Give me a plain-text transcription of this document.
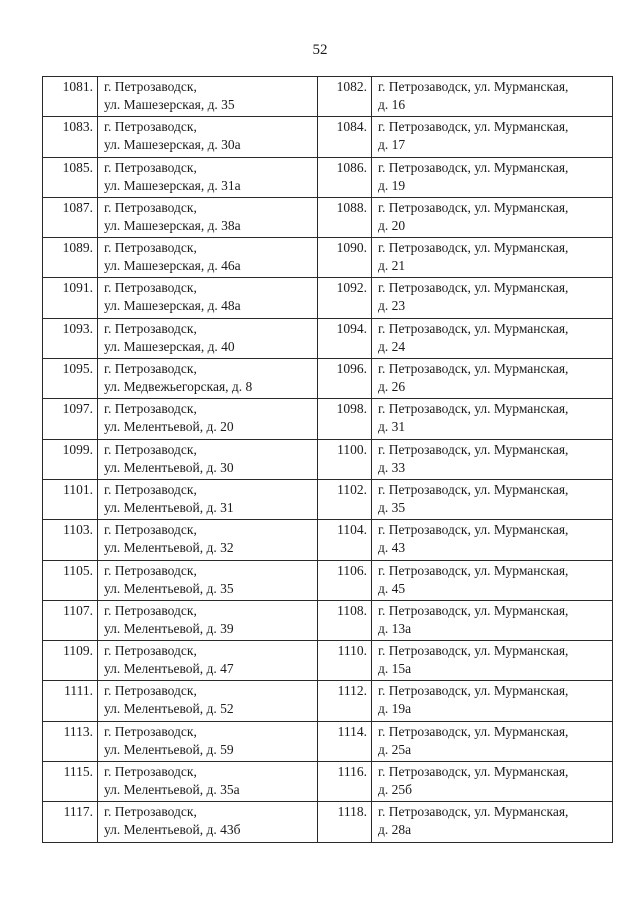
52
1081.	г. Петрозаводск,
ул. Машезерская, д. 35	1082.	г. Петрозаводск, ул. Мурманская,
д. 16

1083.	г. Петрозаводск,
ул. Машезерская, д. 30а	1084.	г. Петрозаводск, ул. Мурманская,
д. 17

1085.	г. Петрозаводск,
ул. Машезерская, д. 31а	1086.	г. Петрозаводск, ул. Мурманская,
д. 19

1087.	г. Петрозаводск,
ул. Машезерская, д. 38а	1088.	г. Петрозаводск, ул. Мурманская,
д. 20

1089.	г. Петрозаводск,
ул. Машезерская, д. 46а	1090.	г. Петрозаводск, ул. Мурманская,
д. 21

1091.	г. Петрозаводск,
ул. Машезерская, д. 48а	1092.	г. Петрозаводск, ул. Мурманская,
д. 23

1093.	г. Петрозаводск,
ул. Машезерская, д. 40	1094.	г. Петрозаводск, ул. Мурманская,
д. 24

1095.	г. Петрозаводск,
ул. Медвежьегорская, д. 8	1096.	г. Петрозаводск, ул. Мурманская,
д. 26

1097.	г. Петрозаводск,
ул. Мелентьевой, д. 20	1098.	г. Петрозаводск, ул. Мурманская,
д. 31

1099.	г. Петрозаводск,
ул. Мелентьевой, д. 30	1100.	г. Петрозаводск, ул. Мурманская,
д. 33

1101.	г. Петрозаводск,
ул. Мелентьевой, д. 31	1102.	г. Петрозаводск, ул. Мурманская,
д. 35

1103.	г. Петрозаводск,
ул. Мелентьевой, д. 32	1104.	г. Петрозаводск, ул. Мурманская,
д. 43

1105.	г. Петрозаводск,
ул. Мелентьевой, д. 35	1106.	г. Петрозаводск, ул. Мурманская,
д. 45

1107.	г. Петрозаводск,
ул. Мелентьевой, д. 39	1108.	г. Петрозаводск, ул. Мурманская,
д. 13а

1109.	г. Петрозаводск,
ул. Мелентьевой, д. 47	1110.	г. Петрозаводск, ул. Мурманская,
д. 15а

1111.	г. Петрозаводск,
ул. Мелентьевой, д. 52	1112.	г. Петрозаводск, ул. Мурманская,
д. 19а

1113.	г. Петрозаводск,
ул. Мелентьевой, д. 59	1114.	г. Петрозаводск, ул. Мурманская,
д. 25а

1115.	г. Петрозаводск,
ул. Мелентьевой, д. 35а	1116.	г. Петрозаводск, ул. Мурманская,
д. 25б

1117.	г. Петрозаводск,
ул. Мелентьевой, д. 43б	1118.	г. Петрозаводск, ул. Мурманская,
д. 28а
